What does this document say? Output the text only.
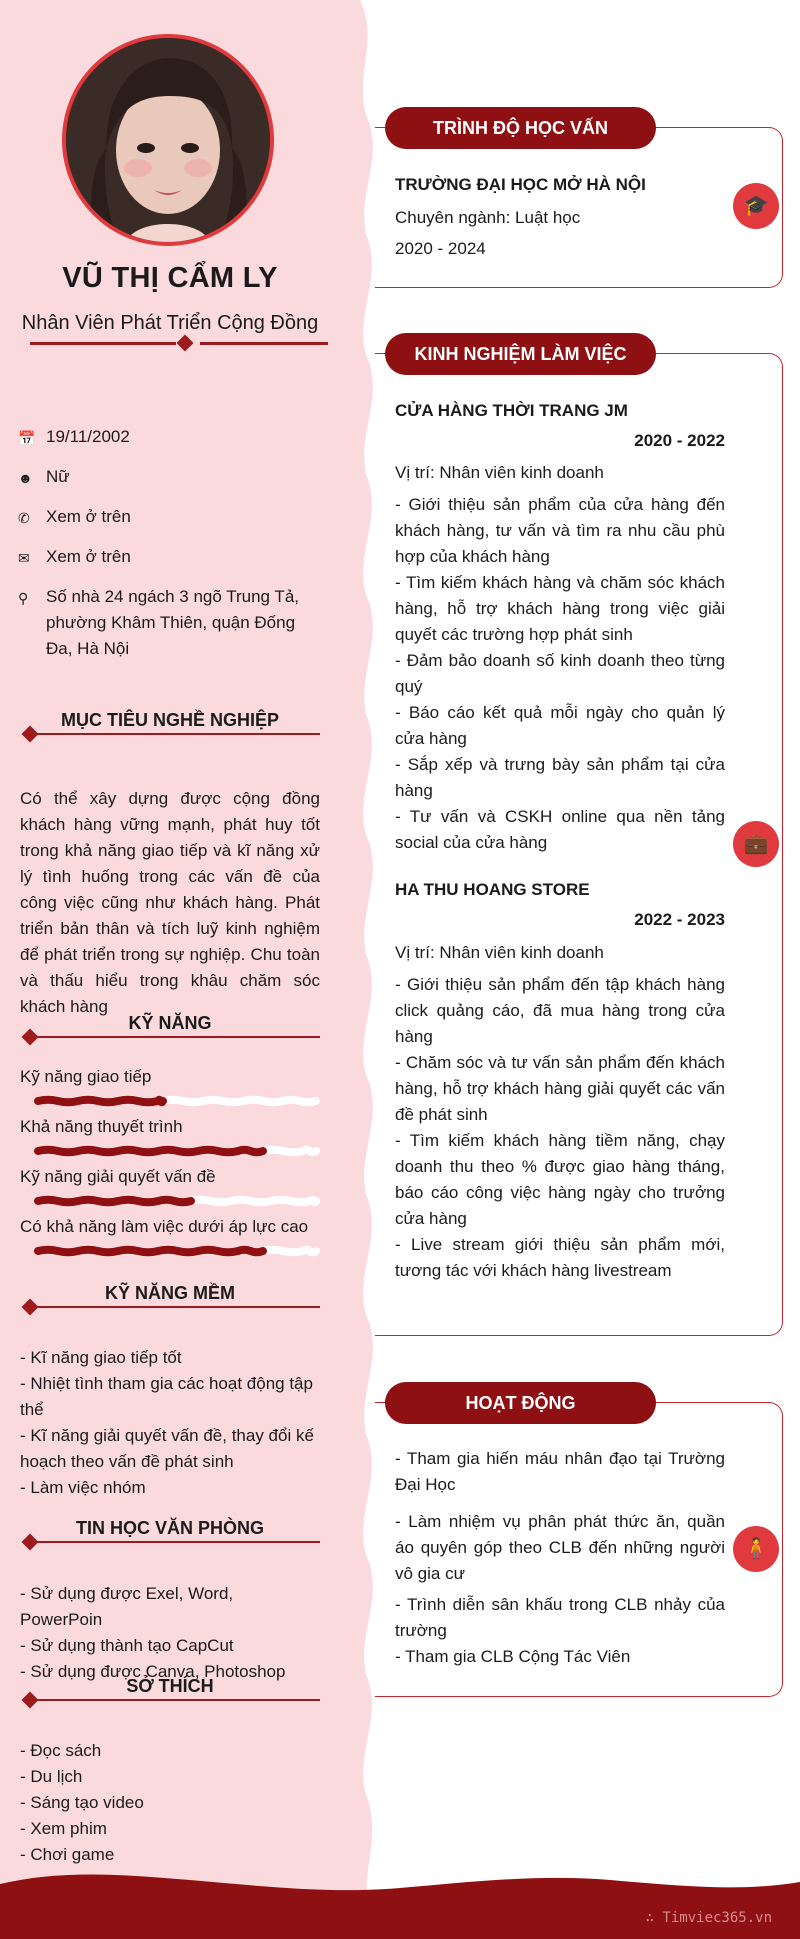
VŨ THỊ CẨM LY
Nhân Viên Phát Triển Cộng Đồng
📅 19/11/2002
☻ Nữ
✆ Xem ở trên
✉ Xem ở trên
⚲	Số nhà 24 ngách 3 ngõ Trung Tả, phường Khâm Thiên, quận Đống Đa, Hà Nội
MỤC TIÊU NGHỀ NGHIỆP
Có thể xây dựng được cộng đồng khách hàng vững mạnh, phát huy tốt trong khả năng giao tiếp và kĩ năng xử lý tình huống trong các vấn đề của công việc cũng như khách hàng. Phát triển bản thân và tích luỹ kinh nghiệm để phát triển trong sự nghiệp. Chu toàn và thấu hiểu trong khâu chăm sóc khách hàng
KỸ NĂNG
Kỹ năng giao tiếp
Khả năng thuyết trình
Kỹ năng giải quyết vấn đề
Có khả năng làm việc dưới áp lực cao
KỸ NĂNG MỀM
- Kĩ năng giao tiếp tốt
- Nhiệt tình tham gia các hoạt động tập thể
- Kĩ năng giải quyết vấn đề, thay đổi kế hoạch theo vấn đề phát sinh
- Làm việc nhóm
TIN HỌC VĂN PHÒNG
- Sử dụng được Exel, Word, PowerPoin
- Sử dụng thành tạo CapCut
- Sử dụng được Canva, Photoshop
SỞ THÍCH
- Đọc sách
- Du lịch
- Sáng tạo video
- Xem phim
- Chơi game
TRÌNH ĐỘ HỌC VẤN
🎓
TRƯỜNG ĐẠI HỌC MỞ HÀ NỘI
Chuyên ngành: Luật học
2020 - 2024
KINH NGHIỆM LÀM VIỆC
💼
CỬA HÀNG THỜI TRANG JM
2020 - 2022
Vị trí: Nhân viên kinh doanh
- Giới thiệu sản phẩm của cửa hàng đến khách hàng, tư vấn và tìm ra nhu cầu phù hợp của khách hàng
- Tìm kiếm khách hàng và chăm sóc khách hàng, hỗ trợ khách hàng trong việc giải quyết các trường hợp phát sinh
- Đảm bảo doanh số kinh doanh theo từng quý
- Báo cáo kết quả mỗi ngày cho quản lý cửa hàng
- Sắp xếp và trưng bày sản phẩm tại cửa hàng
- Tư vấn và CSKH online qua nền tảng social của cửa hàng
HA THU HOANG STORE
2022 - 2023
Vị trí: Nhân viên kinh doanh
- Giới thiệu sản phẩm đến tập khách hàng click quảng cáo, đã mua hàng trong cửa hàng
- Chăm sóc và tư vấn sản phẩm đến khách hàng, hỗ trợ khách hàng giải quyết các vấn đề phát sinh
- Tìm kiếm khách hàng tiềm năng, chạy doanh thu theo % được giao hàng tháng, báo cáo công việc hàng ngày cho trưởng cửa hàng
- Live stream giới thiệu sản phẩm mới, tương tác với khách hàng livestream
HOẠT ĐỘNG
🧍
- Tham gia hiến máu nhân đạo tại Trường Đại Học
- Làm nhiệm vụ phân phát thức ăn, quần áo quyên góp theo CLB đến những người vô gia cư
- Trình diễn sân khấu trong CLB nhảy của trường
- Tham gia CLB Cộng Tác Viên
∴ Timviec365.vn
